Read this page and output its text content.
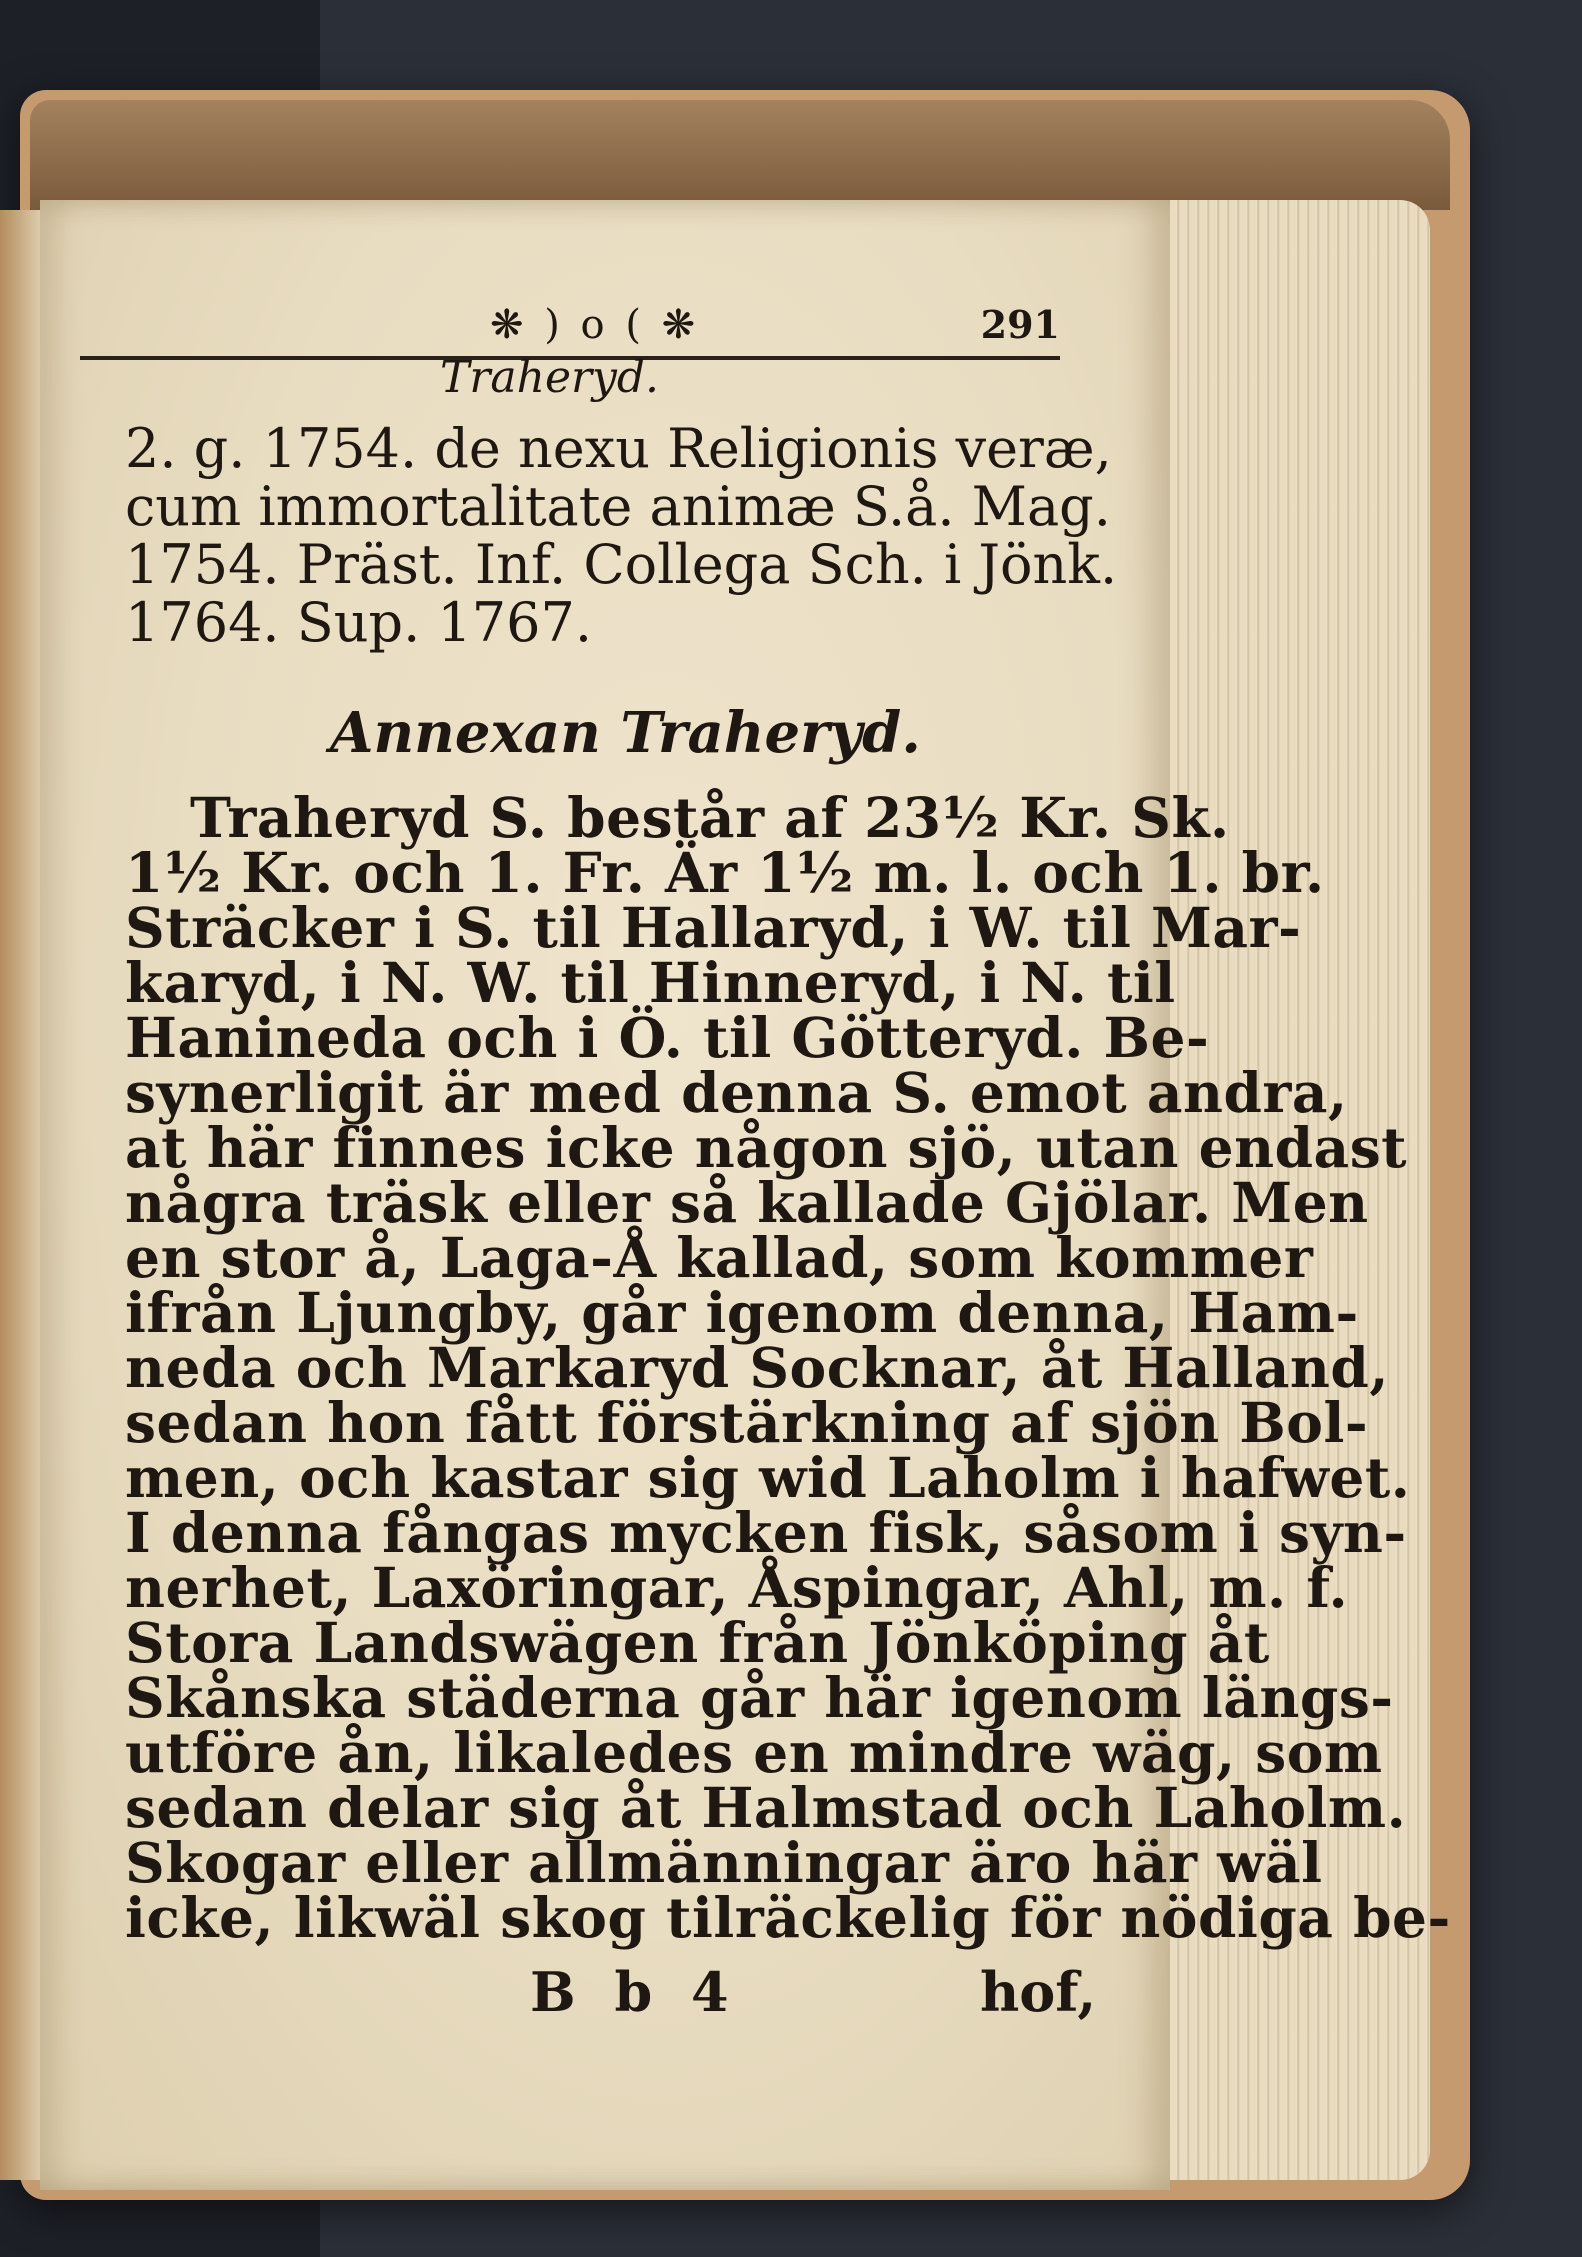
❋ ) o ( ❋	291
Traheryd.
2. g. 1754. de nexu Religionis veræ,
cum immortalitate animæ S.å. Mag.
1754. Präst. Inf. Collega Sch. i Jönk.
1764. Sup. 1767.
Annexan Traheryd.
Traheryd S. består af 23½ Kr. Sk.
1½ Kr. och 1. Fr. Är 1½ m. l. och 1. br.
Sträcker i S. til Hallaryd, i W. til Mar-
karyd, i N. W. til Hinneryd, i N. til
Hanineda och i Ö. til Götteryd. Be-
synerligit är med denna S. emot andra,
at här finnes icke någon sjö, utan endast
några träsk eller så kallade Gjölar. Men
en stor å, Laga-Å kallad, som kommer
ifrån Ljungby, går igenom denna, Ham-
neda och Markaryd Socknar, åt Halland,
sedan hon fått förstärkning af sjön Bol-
men, och kastar sig wid Laholm i hafwet.
I denna fångas mycken fisk, såsom i syn-
nerhet, Laxöringar, Åspingar, Ahl, m. f.
Stora Landswägen från Jönköping åt
Skånska städerna går här igenom längs-
utföre ån, likaledes en mindre wäg, som
sedan delar sig åt Halmstad och Laholm.
Skogar eller allmänningar äro här wäl
B b 4	hof,
icke, likwäl skog tilräckelig för nödiga be-
